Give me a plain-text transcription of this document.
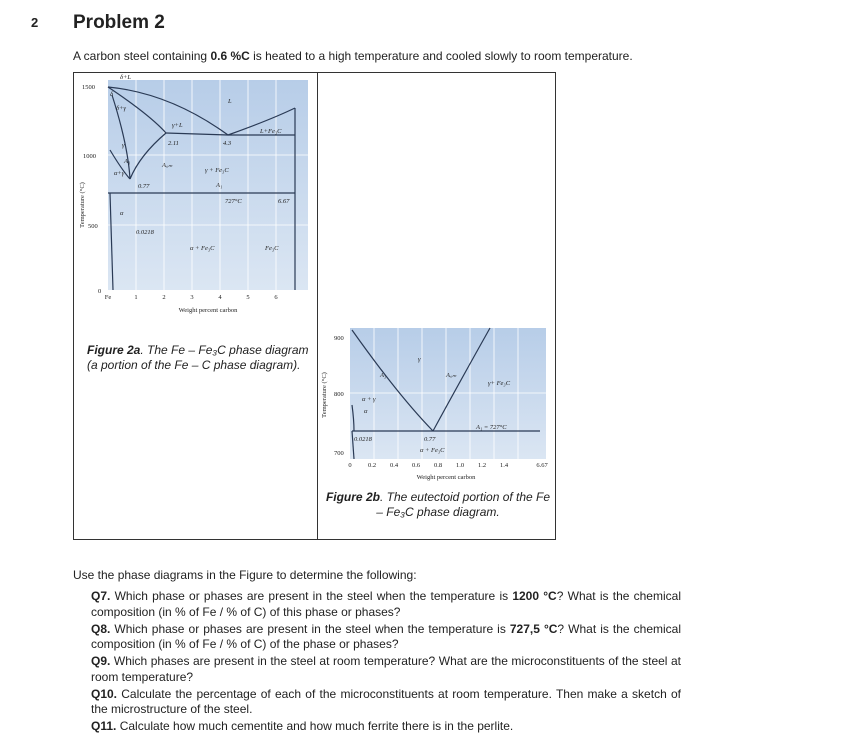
2 Problem 2
A carbon steel containing 0.6 %C is heated to a high temperature and cooled slowly to room temperature.
1500
1000
500
0
Fe	1	2	3	4	5	6
Weight percent carbon
Temperature (°C)
δ+L
δ
δ+γ
L
γ+L
L+Fe₃C
2.11	4.3
γ
A₃
A꜀ₘ
α+γ	γ + Fe₃C
A₁
0.77
727°C	6.67
α
0.0218
α + Fe₃C	Fe₃C
Figure 2a. The Fe – Fe₃C phase diagram (a portion of the Fe – C phase diagram).
900
800
700
0	0.2 0.4 0.6 0.8 1.0 1.2 1.4	6.67
Weight percent carbon
Temperature (°C)
γ
A₃	A꜀ₘ
γ+ Fe₃C
α + γ
α
A₁ = 727°C
0.0218	0.77
α + Fe₃C
Figure 2b. The eutectoid portion of the Fe – Fe₃C phase diagram.
Use the phase diagrams in the Figure to determine the following:

Q7. Which phase or phases are present in the steel when the temperature is 1200 °C? What is the chemical composition (in % of Fe / % of C) of this phase or phases?

Q8. Which phase or phases are present in the steel when the temperature is 727,5 °C? What is the chemical composition (in % of Fe / % of C) of the phase or phases?

Q9. Which phases are present in the steel at room temperature? What are the microconstituents of the steel at room temperature?

Q10. Calculate the percentage of each of the microconstituents at room temperature. Then make a sketch of the microstructure of the steel.

Q11. Calculate how much cementite and how much ferrite there is in the perlite.
